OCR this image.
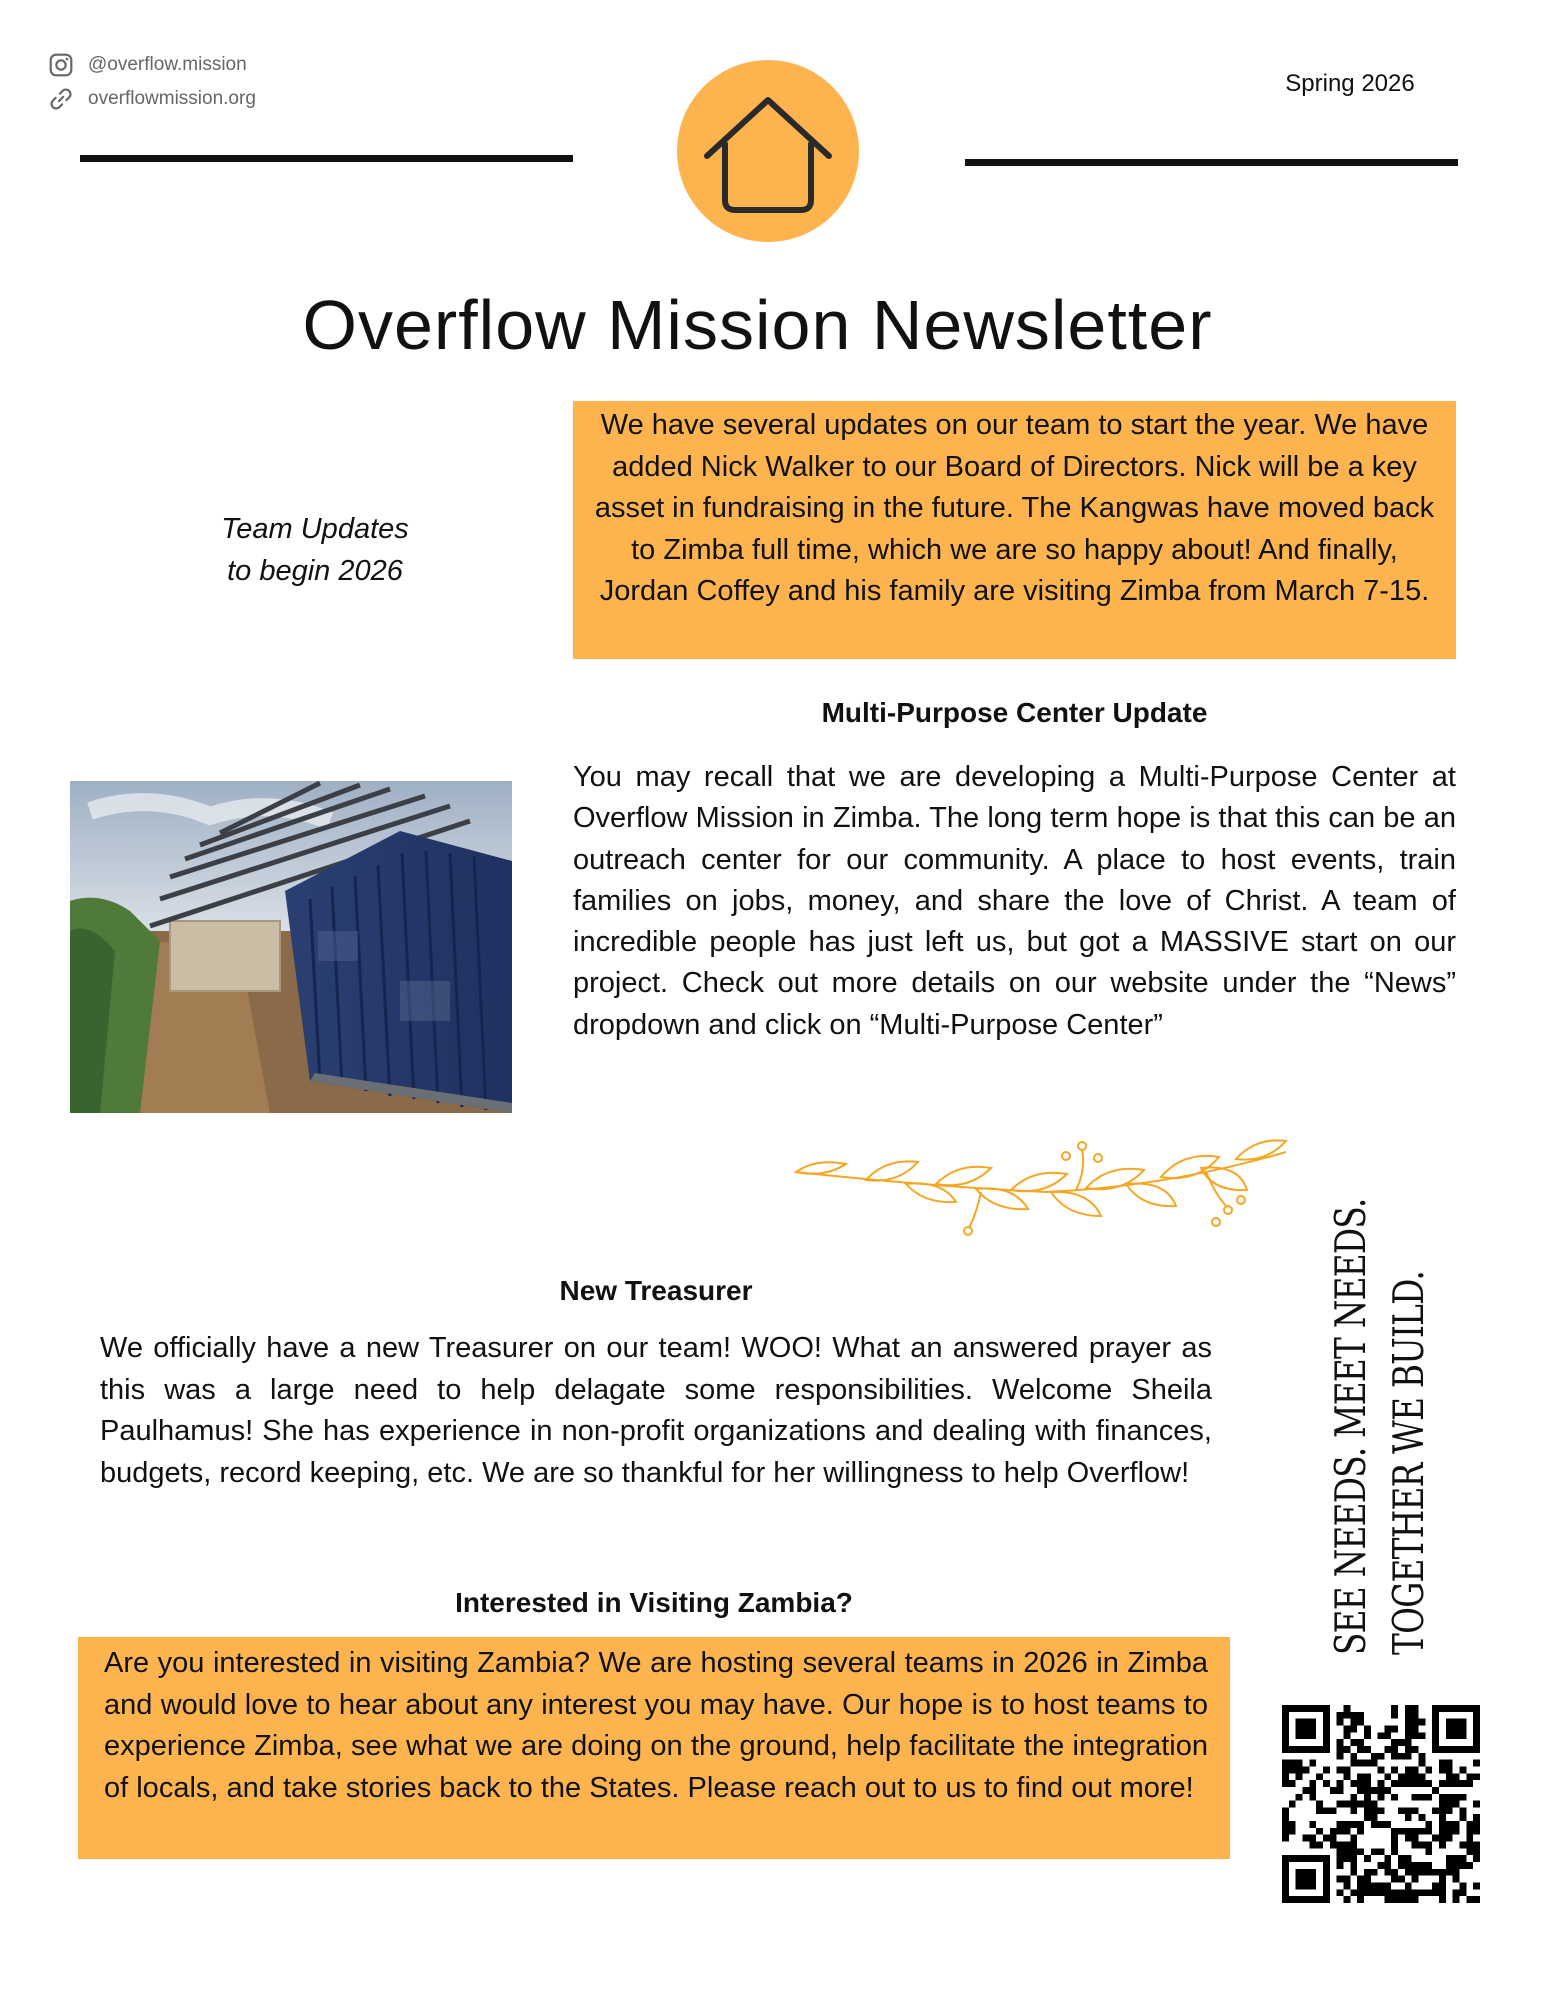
@overflow.mission
overflowmission.org
Spring 2026
Overflow Mission Newsletter
Team Updates
to begin 2026
We have several updates on our team to start the year. We have added Nick Walker to our Board of Directors. Nick will be a key asset in fundraising in the future. The Kangwas have moved back to Zimba full time, which we are so happy about! And finally, Jordan Coffey and his family are visiting Zimba from March 7-15.
Multi-Purpose Center Update
You may recall that we are developing a Multi-Purpose Center at Overflow Mission in Zimba. The long term hope is that this can be an outreach center for our community. A place to host events, train families on jobs, money, and share the love of Christ. A team of incredible people has just left us, but got a MASSIVE start on our project. Check out more details on our website under the “News” dropdown and click on “Multi-Purpose Center”
New Treasurer
We officially have a new Treasurer on our team! WOO! What an answered prayer as this was a large need to help delagate some responsibilities. Welcome Sheila Paulhamus! She has experience in non-profit organizations and dealing with finances, budgets, record keeping, etc. We are so thankful for her willingness to help Overflow!
Interested in Visiting Zambia?
Are you interested in visiting Zambia? We are hosting several teams in 2026 in Zimba and would love to hear about any interest you may have. Our hope is to host teams to experience Zimba, see what we are doing on the ground, help facilitate the integration of locals, and take stories back to the States. Please reach out to us to find out more!
SEE NEEDS. MEET NEEDS. TOGETHER WE BUILD.
